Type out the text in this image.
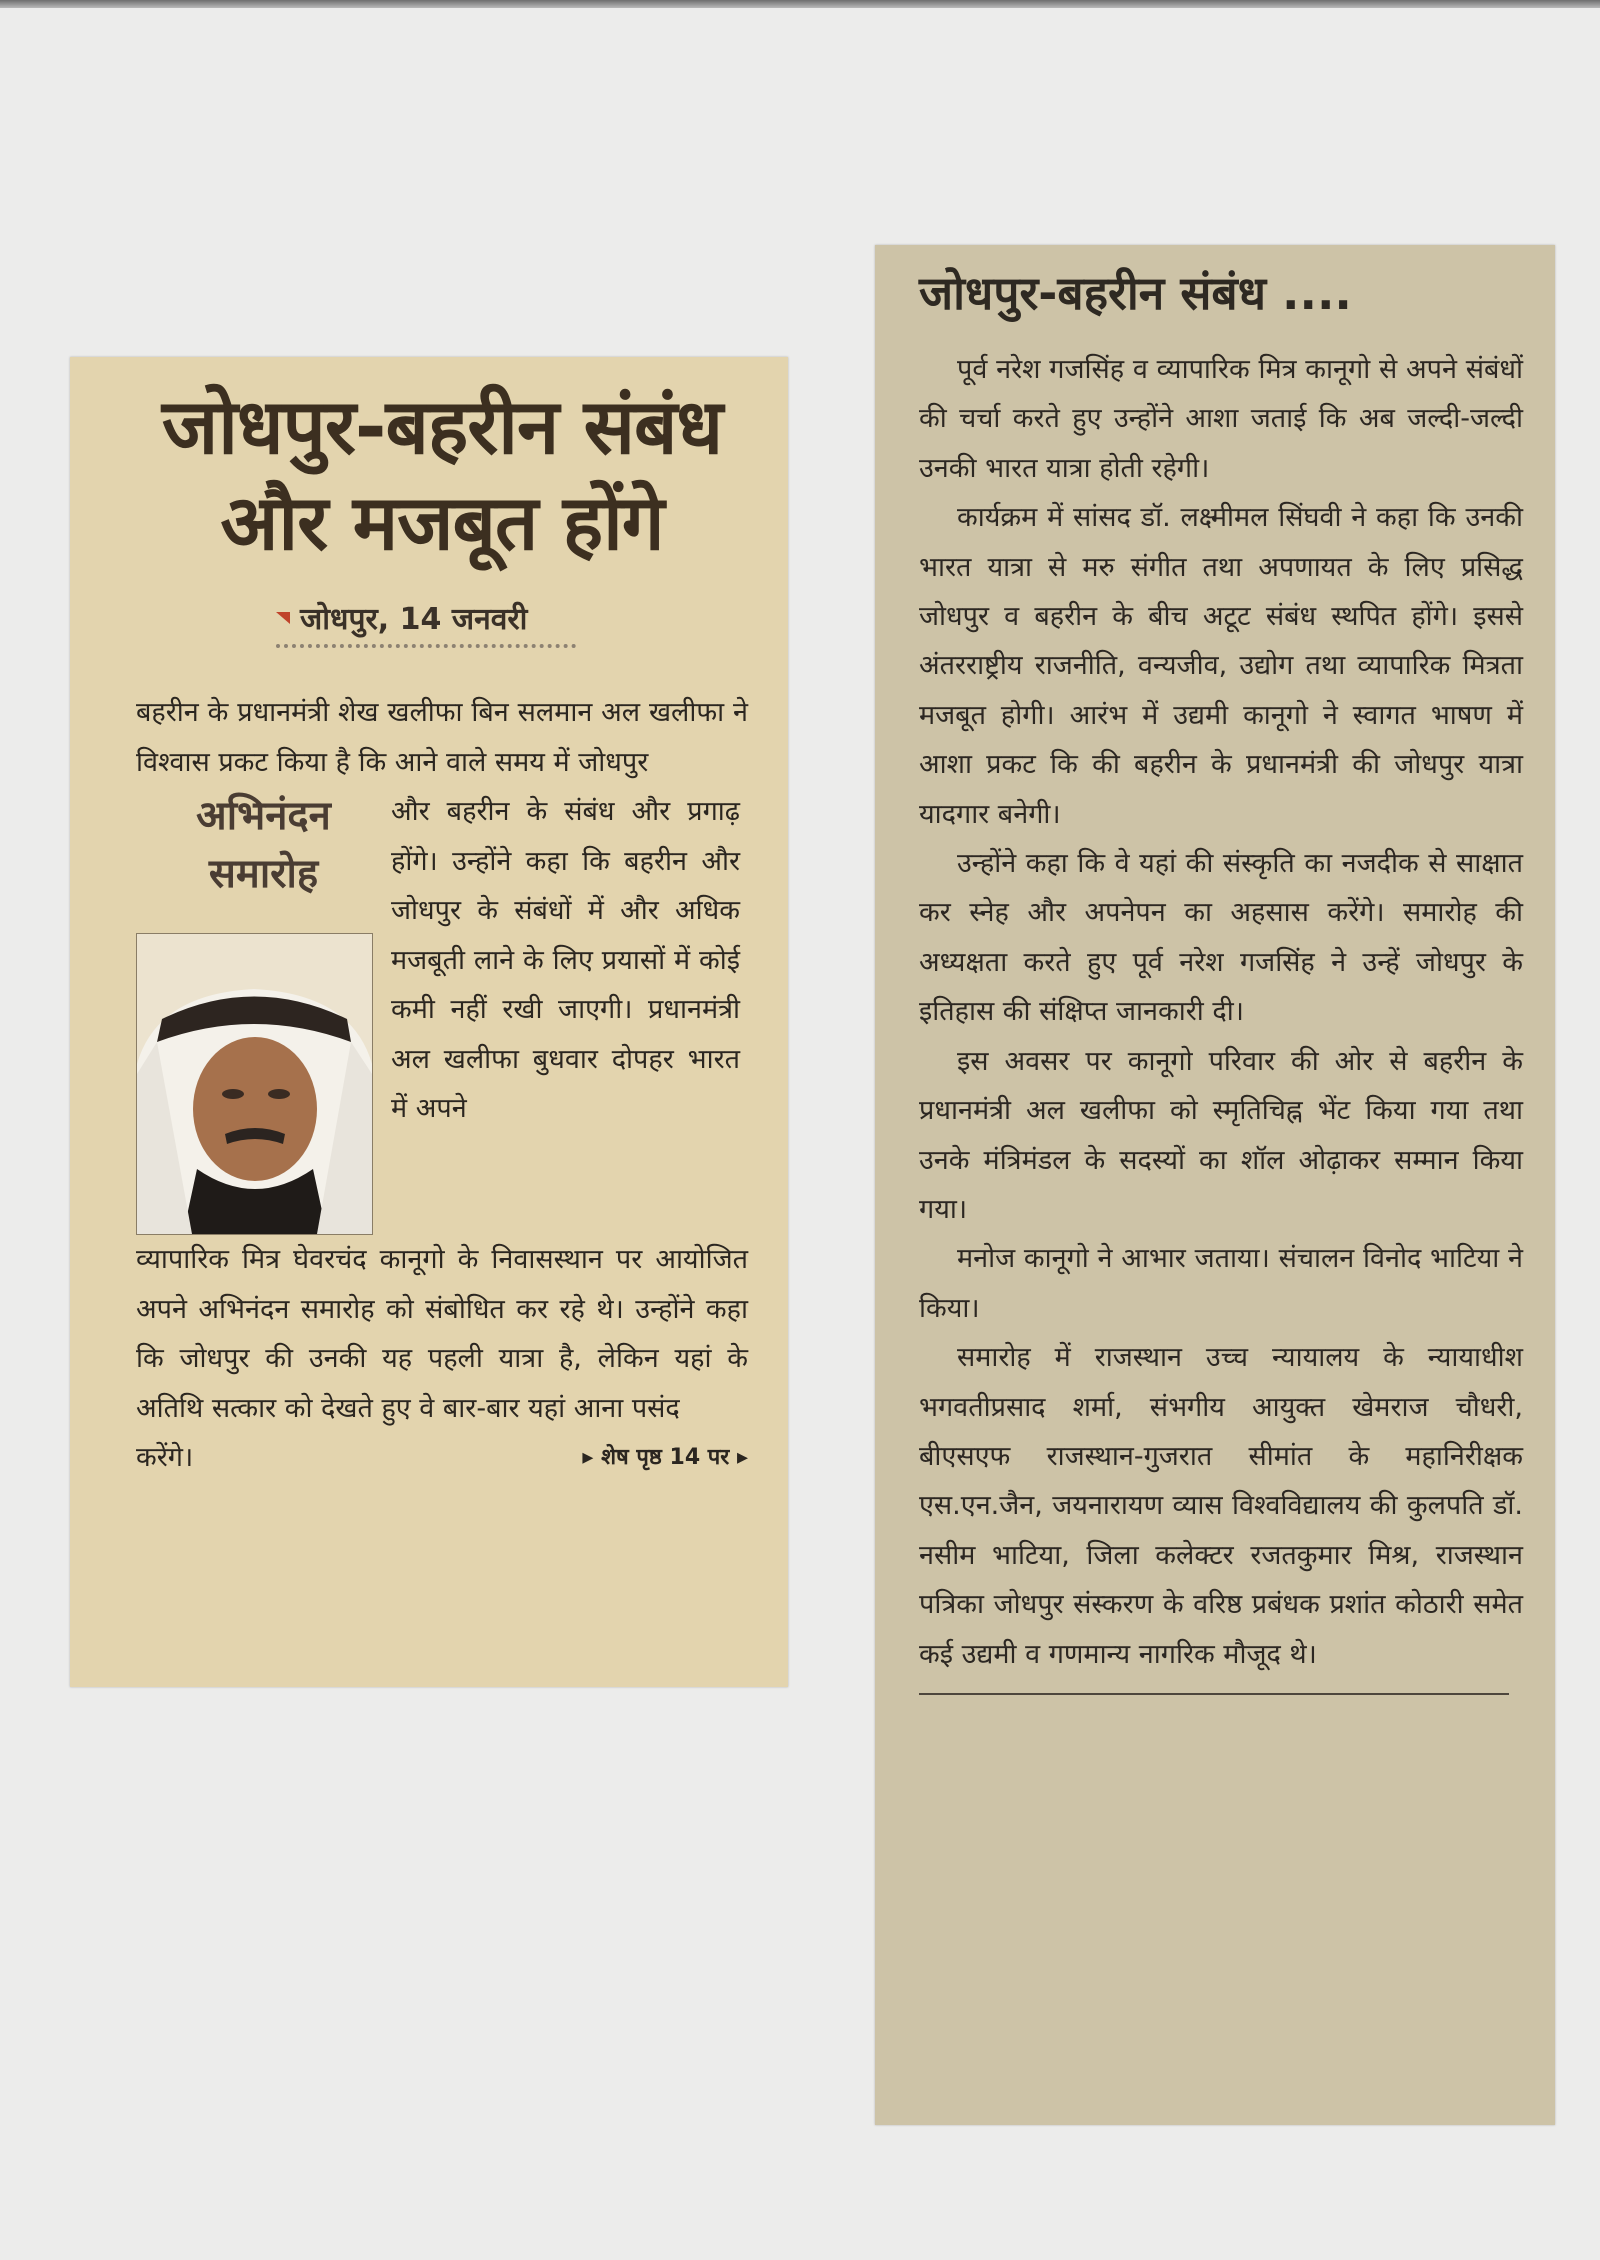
जोधपुर-बहरीन संबंध
और मजबूत होंगे
जोधपुर, 14 जनवरी

बहरीन के प्रधानमंत्री शेख खलीफा बिन सलमान अल खलीफा ने विश्वास प्रकट किया है कि आने वाले समय में जोधपुर

अभिनंदन
समारोह

और बहरीन के संबंध और प्रगाढ़ होंगे। उन्होंने कहा कि बहरीन और जोधपुर के संबंधों में और अधिक मजबूती लाने के लिए प्रयासों में कोई कमी नहीं रखी जाएगी। प्रधानमंत्री अल खलीफा बुधवार दोपहर भारत में अपने

व्यापारिक मित्र घेवरचंद कानूगो के निवासस्थान पर आयोजित अपने अभिनंदन समारोह को संबोधित कर रहे थे। उन्होंने कहा कि जोधपुर की उनकी यह पहली यात्रा है, लेकिन यहां के अतिथि सत्कार को देखते हुए वे बार-बार यहां आना पसंद

करेंगे।	▸ शेष पृष्ठ 14 पर ▸
जोधपुर-बहरीन संबंध ....

पूर्व नरेश गजसिंह व व्यापारिक मित्र कानूगो से अपने संबंधों की चर्चा करते हुए उन्होंने आशा जताई कि अब जल्दी-जल्दी उनकी भारत यात्रा होती रहेगी।

कार्यक्रम में सांसद डॉ. लक्ष्मीमल सिंघवी ने कहा कि उनकी भारत यात्रा से मरु संगीत तथा अपणायत के लिए प्रसिद्ध जोधपुर व बहरीन के बीच अटूट संबंध स्थपित होंगे। इससे अंतरराष्ट्रीय राजनीति, वन्यजीव, उद्योग तथा व्यापारिक मित्रता मजबूत होगी। आरंभ में उद्यमी कानूगो ने स्वागत भाषण में आशा प्रकट कि की बहरीन के प्रधानमंत्री की जोधपुर यात्रा यादगार बनेगी।

उन्होंने कहा कि वे यहां की संस्कृति का नजदीक से साक्षात कर स्नेह और अपनेपन का अहसास करेंगे। समारोह की अध्यक्षता करते हुए पूर्व नरेश गजसिंह ने उन्हें जोधपुर के इतिहास की संक्षिप्त जानकारी दी।

इस अवसर पर कानूगो परिवार की ओर से बहरीन के प्रधानमंत्री अल खलीफा को स्मृतिचिह्न भेंट किया गया तथा उनके मंत्रिमंडल के सदस्यों का शॉल ओढ़ाकर सम्मान किया गया।

मनोज कानूगो ने आभार जताया। संचालन विनोद भाटिया ने किया।

समारोह में राजस्थान उच्च न्यायालय के न्यायाधीश भगवतीप्रसाद शर्मा, संभगीय आयुक्त खेमराज चौधरी, बीएसएफ राजस्थान-गुजरात सीमांत के महानिरीक्षक एस.एन.जैन, जयनारायण व्यास विश्वविद्यालय की कुलपति डॉ. नसीम भाटिया, जिला कलेक्टर रजतकुमार मिश्र, राजस्थान पत्रिका जोधपुर संस्करण के वरिष्ठ प्रबंधक प्रशांत कोठारी समेत कई उद्यमी व गणमान्य नागरिक मौजूद थे।
